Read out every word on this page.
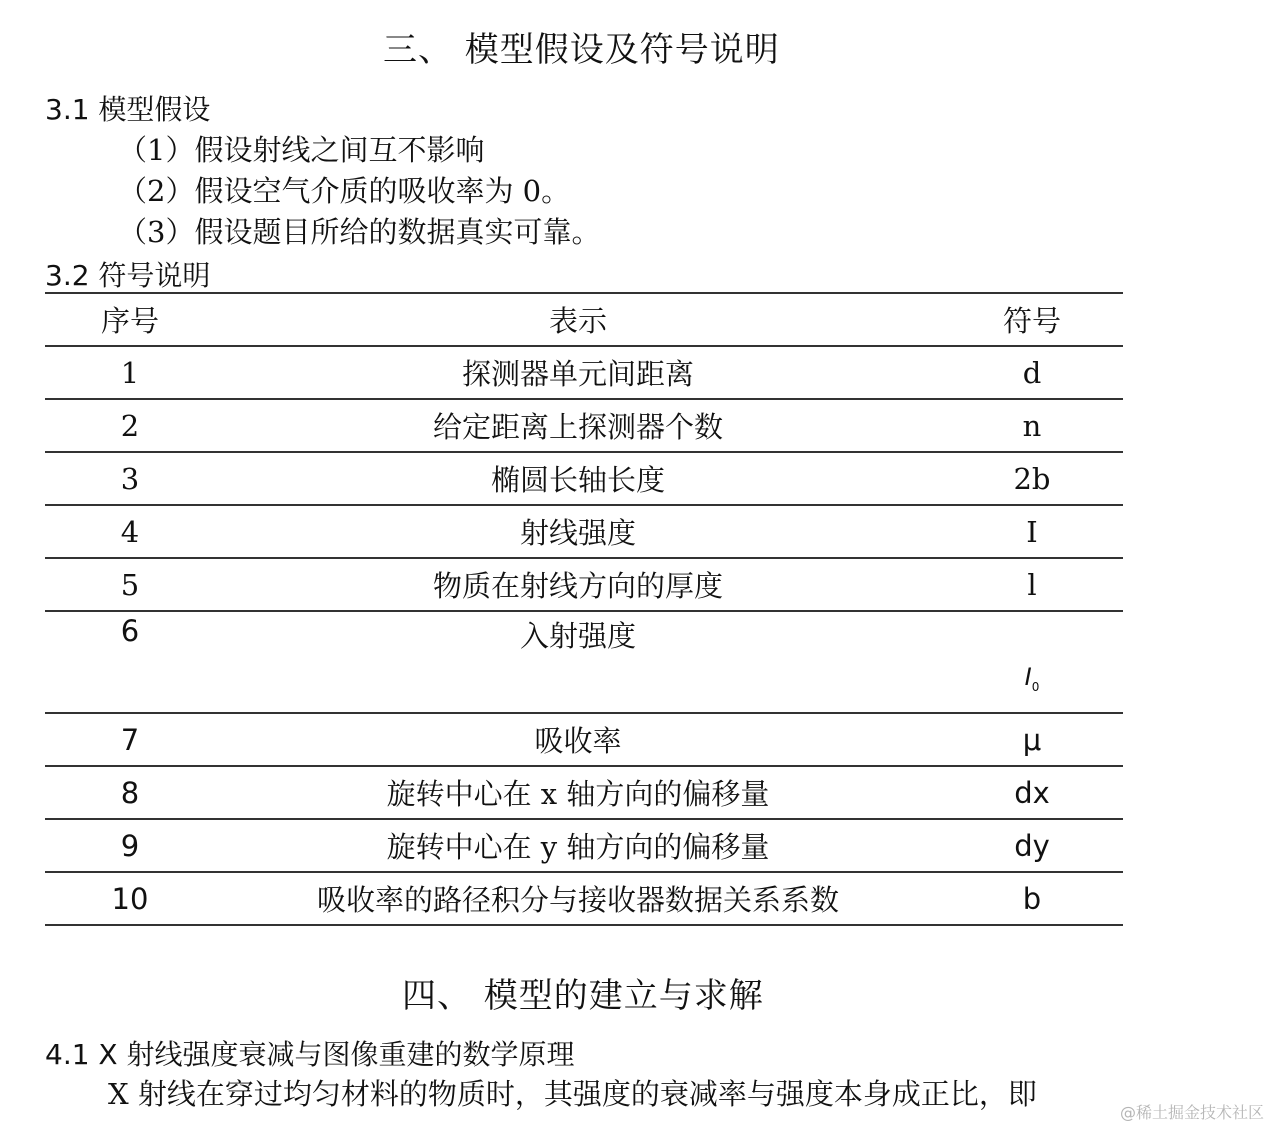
三、 模型假设及符号说明
3.1 模型假设
（1）假设射线之间互不影响
（2）假设空气介质的吸收率为 0。
（3）假设题目所给的数据真实可靠。
3.2 符号说明
序号	表示	符号
1	探测器单元间距离	d
2	给定距离上探测器个数	n
3	椭圆长轴长度	2b
4	射线强度	I
5	物质在射线方向的厚度	l
6	入射强度	$I_0$
7	吸收率	μ
8	旋转中心在 x 轴方向的偏移量	dx
9	旋转中心在 y 轴方向的偏移量	dy
10	吸收率的路径积分与接收器数据关系系数	b
四、 模型的建立与求解
4.1 X 射线强度衰减与图像重建的数学原理
X 射线在穿过均匀材料的物质时，其强度的衰减率与强度本身成正比，即
@稀土掘金技术社区
